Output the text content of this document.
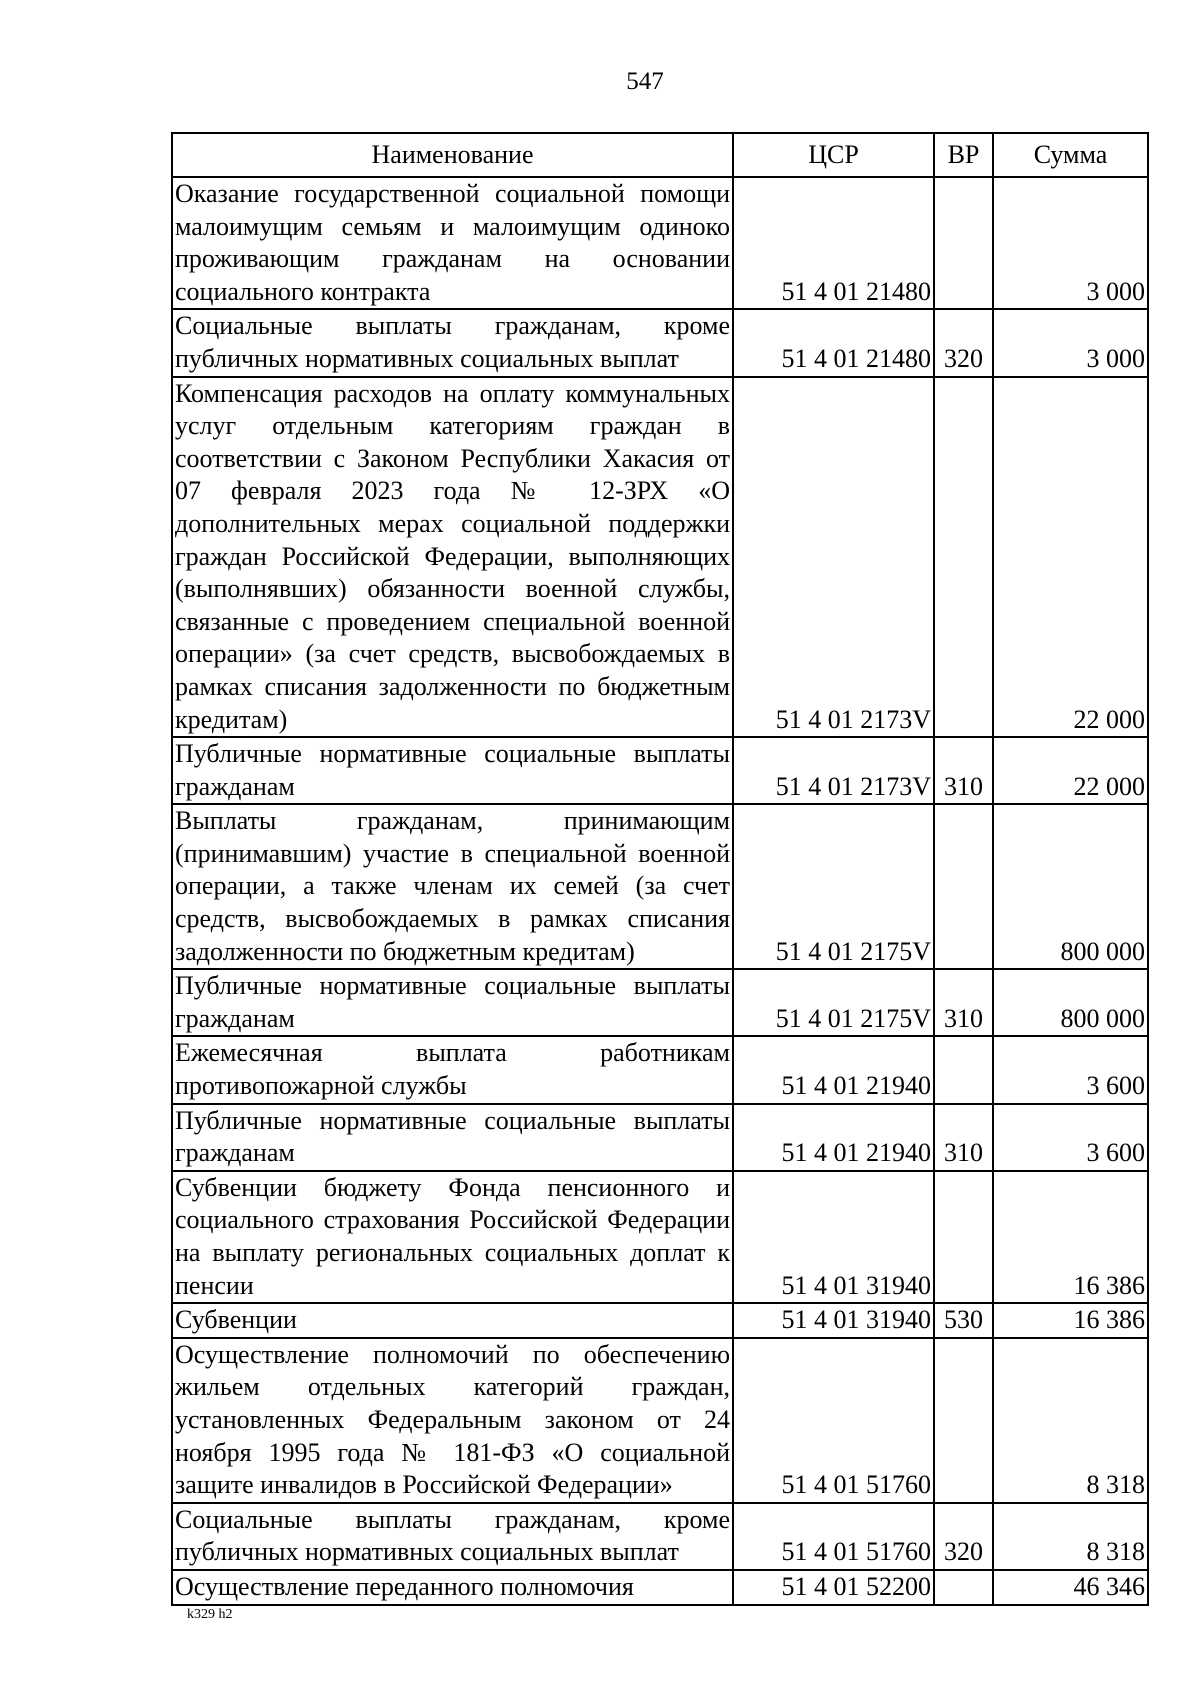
547
Наименование	ЦСР	ВР	Сумма
Оказание государственной социальной помощи малоимущим семьям и малоимущим одиноко проживающим гражданам на основании социального контракта	51 4 01 21480		3 000
Социальные выплаты гражданам, кроме публичных нормативных социальных выплат	51 4 01 21480	320	3 000
Компенсация расходов на оплату коммунальных услуг отдельным категориям граждан в соответствии с Законом Республики Хакасия от 07 февраля 2023 года № 12-ЗРХ «О дополнительных мерах социальной поддержки граждан Российской Федерации, выполняющих (выполнявших) обязанности военной службы, связанные с проведением специальной военной операции» (за счет средств, высвобождаемых в рамках списания задолженности по бюджетным кредитам)	51 4 01 2173V		22 000
Публичные нормативные социальные выплаты гражданам	51 4 01 2173V	310	22 000
Выплаты гражданам, принимающим (принимавшим) участие в специальной военной операции, а также членам их семей (за счет средств, высвобождаемых в рамках списания задолженности по бюджетным кредитам)	51 4 01 2175V		800 000
Публичные нормативные социальные выплаты гражданам	51 4 01 2175V	310	800 000
Ежемесячная выплата работникам противопожарной службы	51 4 01 21940		3 600
Публичные нормативные социальные выплаты гражданам	51 4 01 21940	310	3 600
Субвенции бюджету Фонда пенсионного и социального страхования Российской Федерации на выплату региональных социальных доплат к пенсии	51 4 01 31940		16 386
Субвенции	51 4 01 31940	530	16 386
Осуществление полномочий по обеспечению жильем отдельных категорий граждан, установленных Федеральным законом от 24 ноября 1995 года № 181-ФЗ «О социальной защите инвалидов в Российской Федерации»	51 4 01 51760		8 318
Социальные выплаты гражданам, кроме публичных нормативных социальных выплат	51 4 01 51760	320	8 318
Осуществление переданного полномочия	51 4 01 52200		46 346
k329 h2
